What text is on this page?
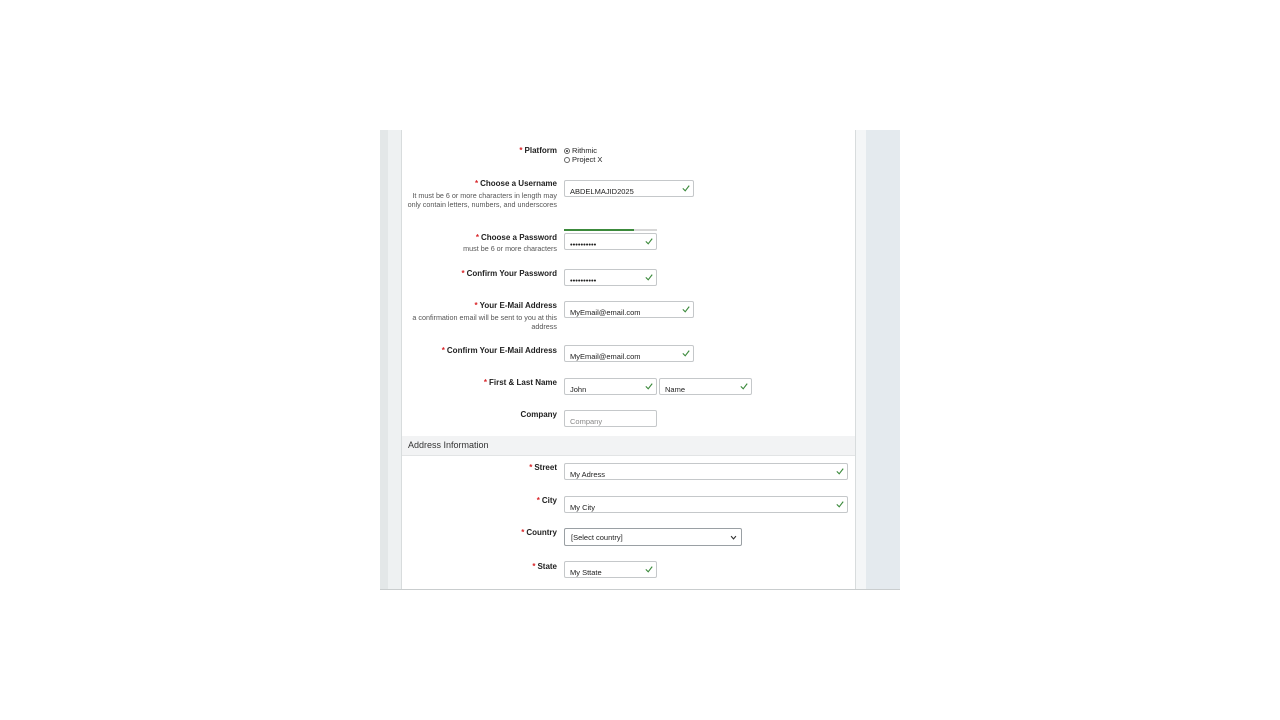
* Platform Rithmic
Project X
* Choose a Username
It must be 6 or more characters in length may only contain letters, numbers, and underscores
ABDELMAJID2025
* Choose a Password
must be 6 or more characters
••••••••••
* Confirm Your Password
••••••••••
* Your E-Mail Address
a confirmation email will be sent to you at this address
MyEmail@email.com
* Confirm Your E-Mail Address
MyEmail@email.com
* First & Last Name
John
Name
Company
Company
Address Information
* Street
My Adress
* City
My City
* Country
[Select country]
* State
My Sttate
